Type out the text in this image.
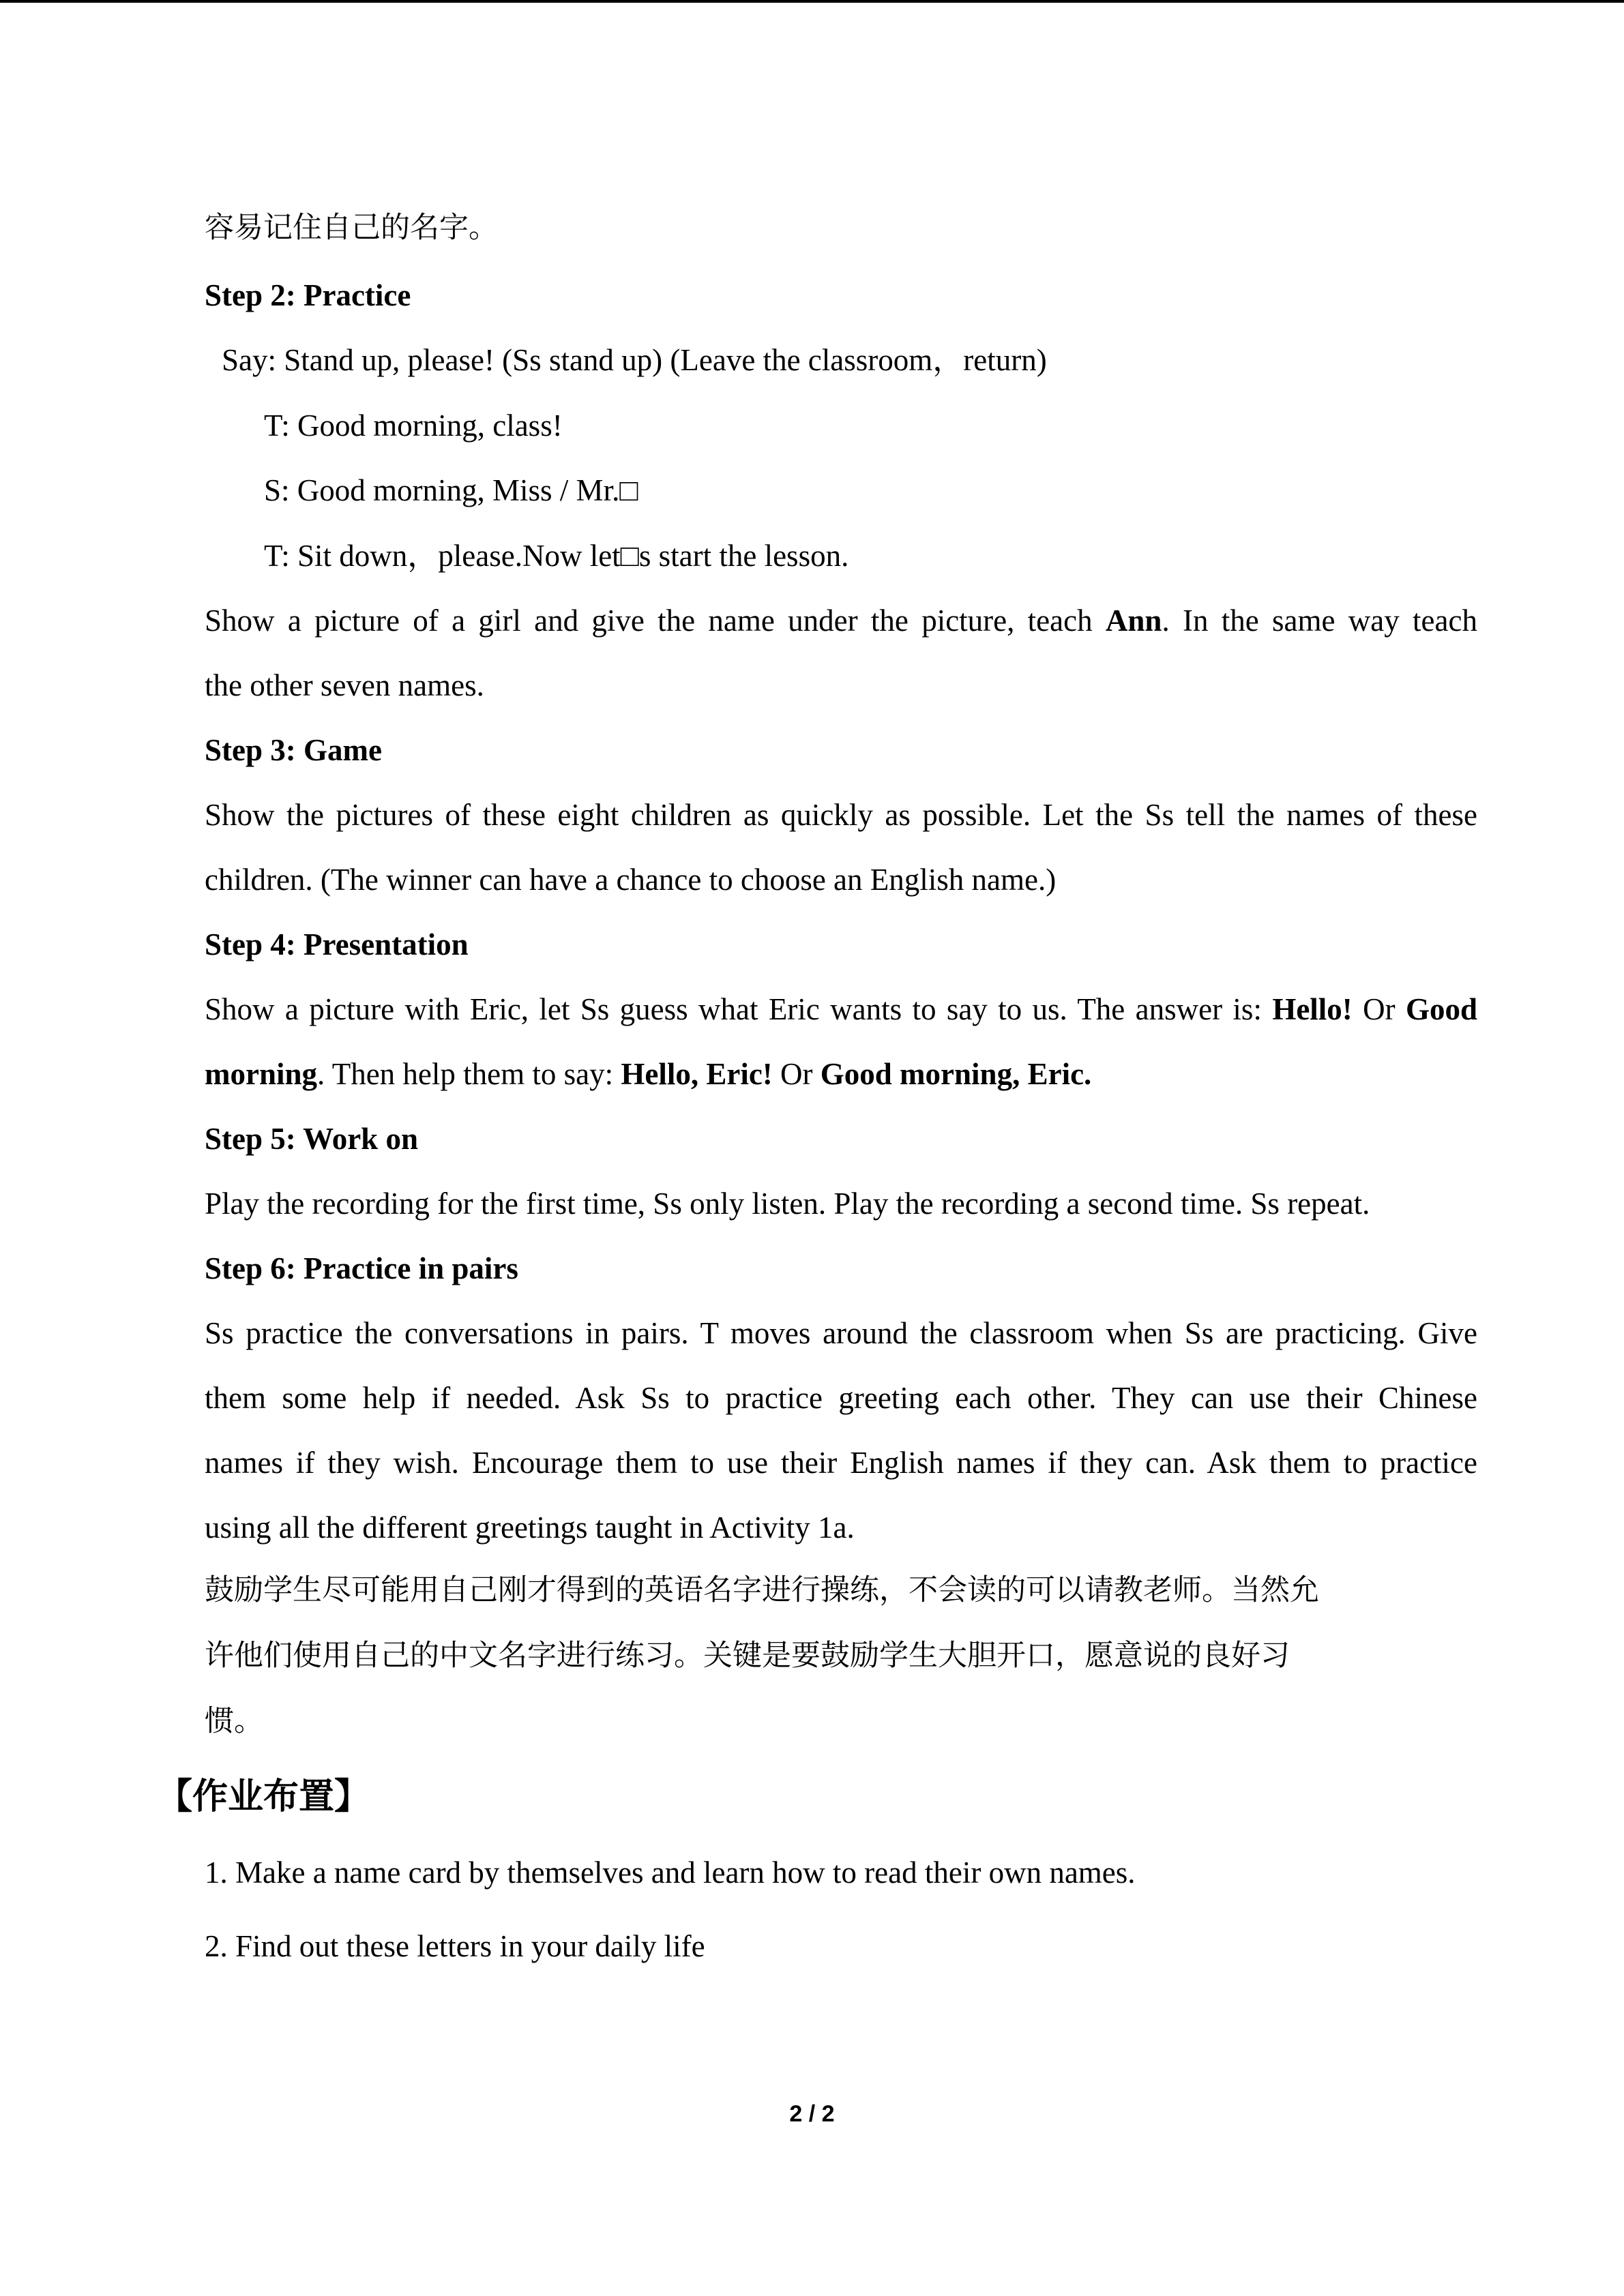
容易记住自己的名字。
Step 2: Practice
Say: Stand up, please! (Ss stand up) (Leave the classroom，return)
T: Good morning, class!
S: Good morning, Miss / Mr.□
T: Sit down，please.Now let□s start the lesson.
Show a picture of a girl and give the name under the picture, teach Ann. In the same way teach
the other seven names.
Step 3: Game
Show the pictures of these eight children as quickly as possible. Let the Ss tell the names of these
children. (The winner can have a chance to choose an English name.)
Step 4: Presentation
Show a picture with Eric, let Ss guess what Eric wants to say to us. The answer is: Hello! Or Good
morning. Then help them to say: Hello, Eric! Or Good morning, Eric.
Step 5: Work on
Play the recording for the first time, Ss only listen. Play the recording a second time. Ss repeat.
Step 6: Practice in pairs
Ss practice the conversations in pairs. T moves around the classroom when Ss are practicing. Give
them some help if needed. Ask Ss to practice greeting each other. They can use their Chinese
names if they wish. Encourage them to use their English names if they can. Ask them to practice
using all the different greetings taught in Activity 1a.
鼓励学生尽可能用自己刚才得到的英语名字进行操练，不会读的可以请教老师。当然允
许他们使用自己的中文名字进行练习。关键是要鼓励学生大胆开口，愿意说的良好习
惯。
【作业布置】
1. Make a name card by themselves and learn how to read their own names.
2. Find out these letters in your daily life
2 / 2
